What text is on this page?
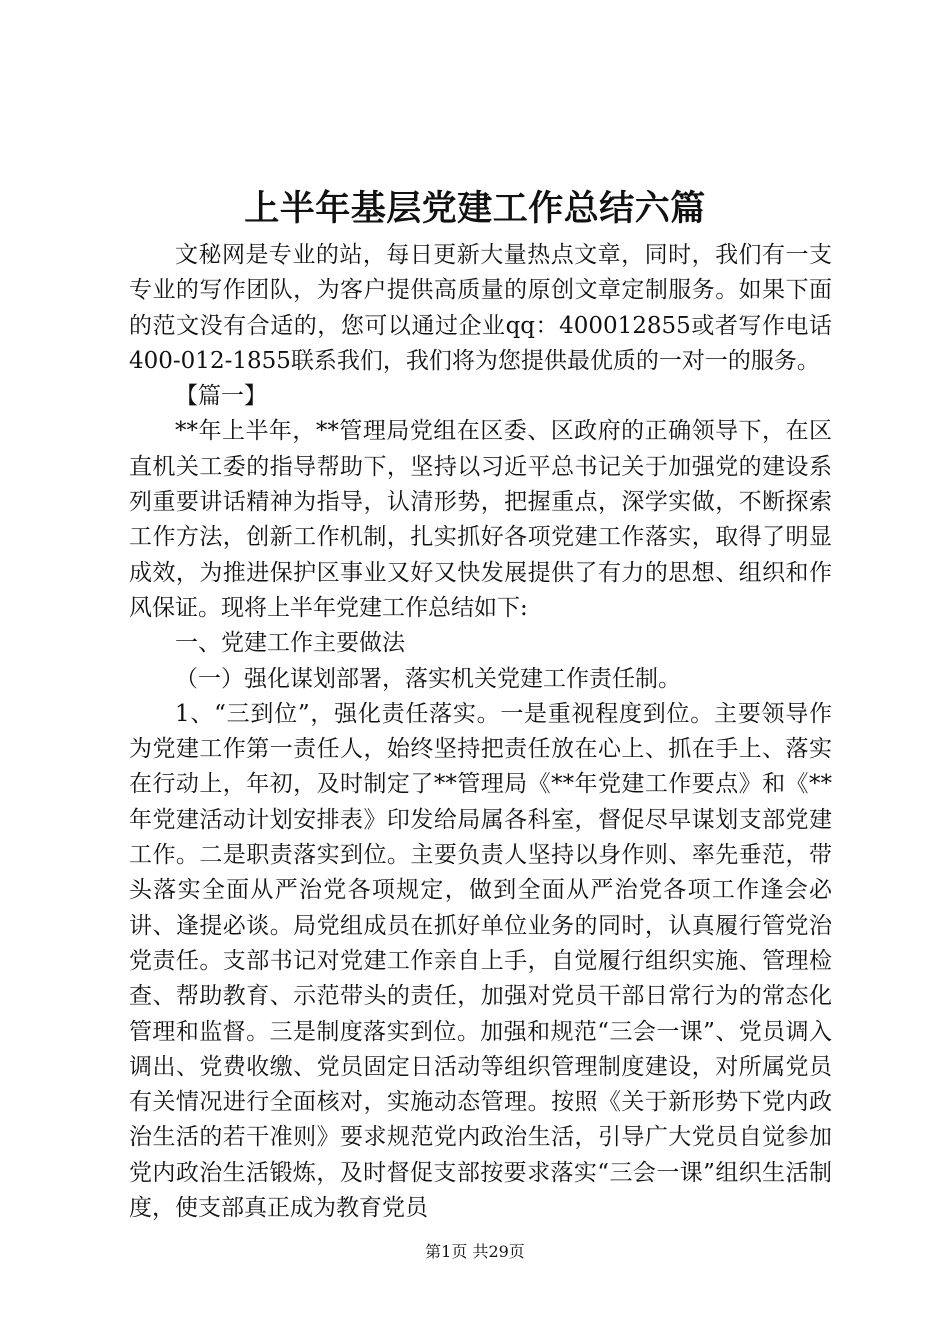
上半年基层党建工作总结六篇

文秘网是专业的站，每日更新大量热点文章，同时，我们有一支专业的写作团队，为客户提供高质量的原创文章定制服务。如果下面的范文没有合适的，您可以通过企业qq：400012855或者写作电话400-012-1855联系我们，我们将为您提供最优质的一对一的服务。

【篇一】

**年上半年，**管理局党组在区委、区政府的正确领导下，在区直机关工委的指导帮助下，坚持以习近平总书记关于加强党的建设系列重要讲话精神为指导，认清形势，把握重点，深学实做，不断探索工作方法，创新工作机制，扎实抓好各项党建工作落实，取得了明显成效，为推进保护区事业又好又快发展提供了有力的思想、组织和作风保证。现将上半年党建工作总结如下:

一、党建工作主要做法

（一）强化谋划部署，落实机关党建工作责任制。

1、“三到位”，强化责任落实。一是重视程度到位。主要领导作为党建工作第一责任人，始终坚持把责任放在心上、抓在手上、落实在行动上，年初，及时制定了**管理局《**年党建工作要点》和《**年党建活动计划安排表》印发给局属各科室，督促尽早谋划支部党建工作。二是职责落实到位。主要负责人坚持以身作则、率先垂范，带头落实全面从严治党各项规定，做到全面从严治党各项工作逢会必讲、逢提必谈。局党组成员在抓好单位业务的同时，认真履行管党治党责任。支部书记对党建工作亲自上手，自觉履行组织实施、管理检查、帮助教育、示范带头的责任，加强对党员干部日常行为的常态化管理和监督。三是制度落实到位。加强和规范“三会一课”、党员调入调出、党费收缴、党员固定日活动等组织管理制度建设，对所属党员有关情况进行全面核对，实施动态管理。按照《关于新形势下党内政治生活的若干准则》要求规范党内政治生活，引导广大党员自觉参加党内政治生活锻炼，及时督促支部按要求落实“三会一课”组织生活制度，使支部真正成为教育党员

第1页 共29页
